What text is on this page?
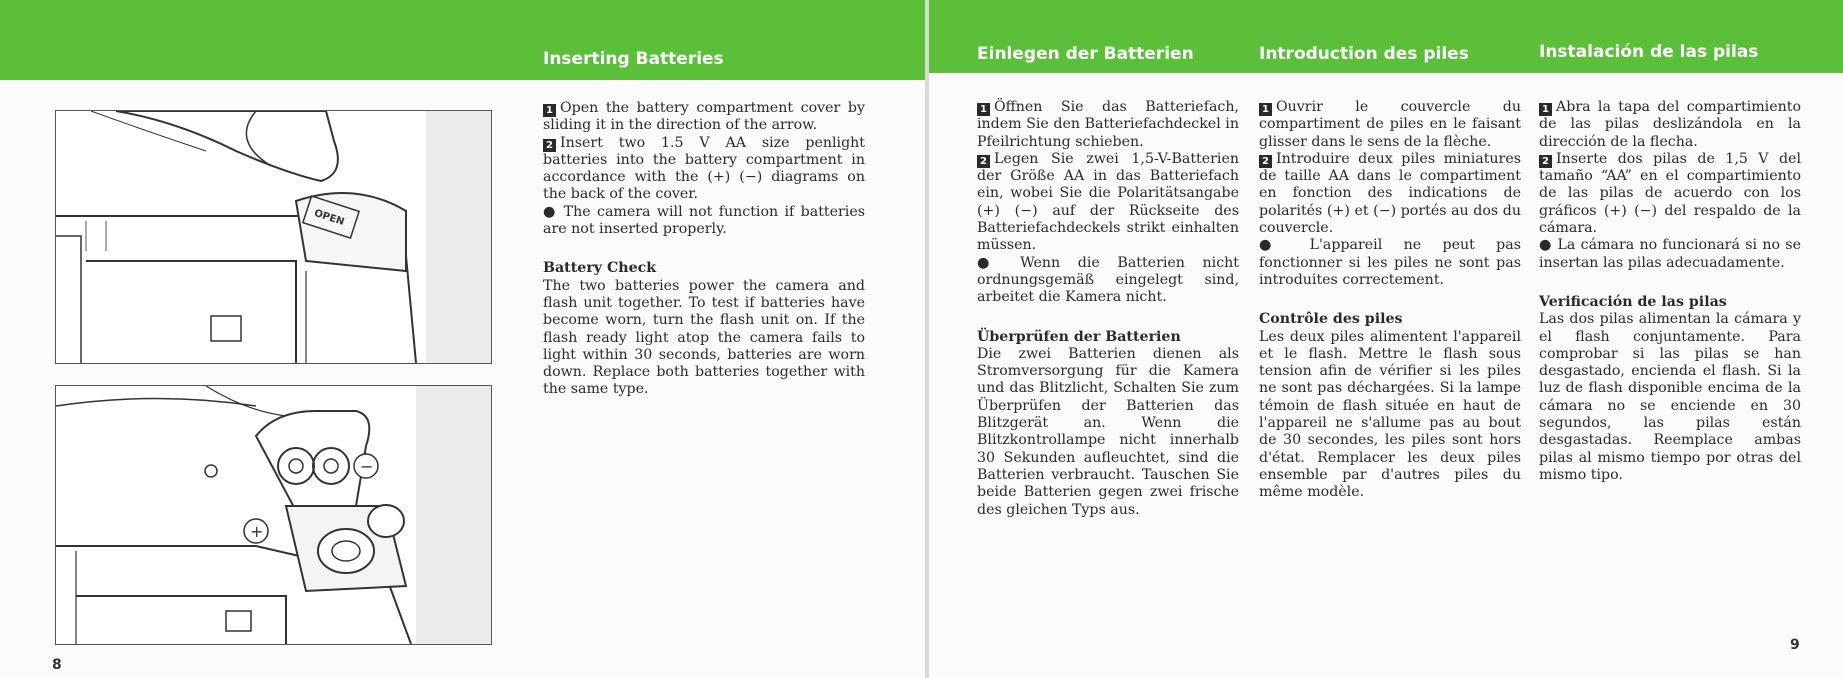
Inserting Batteries
OPEN
+
−

1 Open the battery compartment cover by sliding it in the direction of the arrow.

2 Insert two 1.5 V AA size penlight batteries into the battery compartment in accordance with the (+) (−) diagrams on the back of the cover.

● The camera will not function if batteries are not inserted properly.

Battery Check

The two batteries power the camera and flash unit together. To test if batteries have become worn, turn the flash unit on. If the flash ready light atop the camera fails to light within 30 seconds, batteries are worn down. Replace both batteries together with the same type.

8
Einlegen der Batterien	Introduction des piles	Instalación de las pilas

1 Öffnen Sie das Batteriefach, indem Sie den Batteriefachdeckel in Pfeilrichtung schieben.

2 Legen Sie zwei 1,5-V-Batterien der Größe AA in das Batteriefach ein, wobei Sie die Polaritätsangabe (+) (−) auf der Rückseite des Batteriefachdeckels strikt einhalten müssen.

● Wenn die Batterien nicht ordnungsgemäß eingelegt sind, arbeitet die Kamera nicht.

Überprüfen der Batterien

Die zwei Batterien dienen als Stromversorgung für die Kamera und das Blitzlicht, Schalten Sie zum Überprüfen der Batterien das Blitzgerät an. Wenn die Blitzkontrollampe nicht innerhalb 30 Sekunden aufleuchtet, sind die Batterien verbraucht. Tauschen Sie beide Batterien gegen zwei frische des gleichen Typs aus.

1 Ouvrir le couvercle du compartiment de piles en le faisant glisser dans le sens de la flèche.

2 Introduire deux piles miniatures de taille AA dans le compartiment en fonction des indications de polarités (+) et (−) portés au dos du couvercle.

● L'appareil ne peut pas fonctionner si les piles ne sont pas introduites correctement.

Contrôle des piles

Les deux piles alimentent l'appareil et le flash. Mettre le flash sous tension afin de vérifier si les piles ne sont pas déchargées. Si la lampe témoin de flash située en haut de l'appareil ne s'allume pas au bout de 30 secondes, les piles sont hors d'état. Remplacer les deux piles ensemble par d'autres piles du même modèle.

1 Abra la tapa del compartimiento de las pilas deslizándola en la dirección de la flecha.

2 Inserte dos pilas de 1,5 V del tamaño “AA” en el compartimiento de las pilas de acuerdo con los gráficos (+) (−) del respaldo de la cámara.

● La cámara no funcionará si no se insertan las pilas adecuadamente.

Verificación de las pilas

Las dos pilas alimentan la cámara y el flash conjuntamente. Para comprobar si las pilas se han desgastado, encienda el flash. Si la luz de flash disponible encima de la cámara no se enciende en 30 segundos, las pilas están desgastadas. Reemplace ambas pilas al mismo tiempo por otras del mismo tipo.

9
